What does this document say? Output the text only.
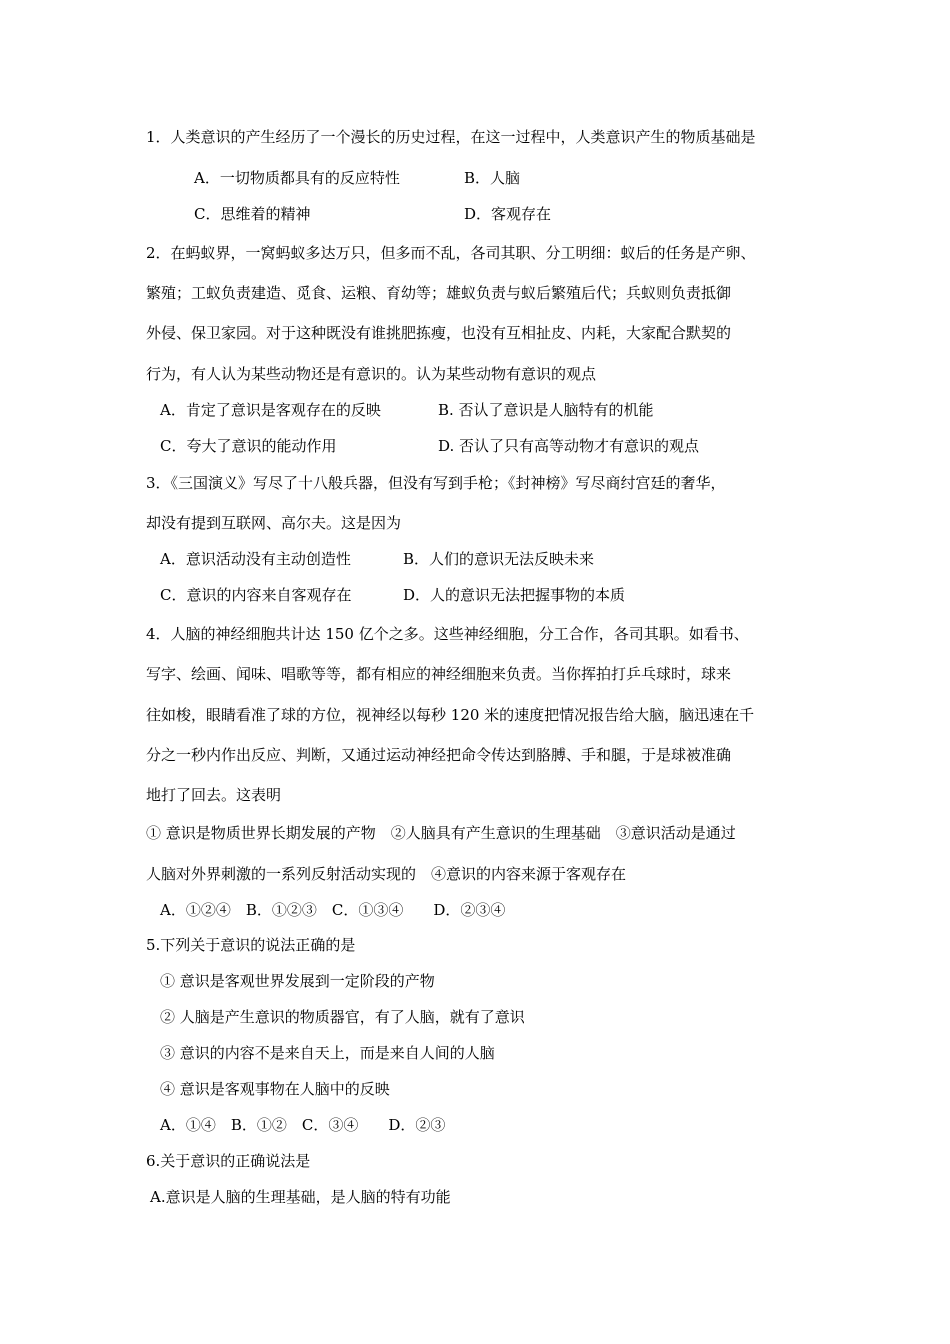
1．人类意识的产生经历了一个漫长的历史过程，在这一过程中，人类意识产生的物质基础是
A．一切物质都具有的反应特性	B．人脑
C．思维着的精神	D．客观存在
2．在蚂蚁界，一窝蚂蚁多达万只，但多而不乱，各司其职、分工明细：蚁后的任务是产卵、
繁殖；工蚁负责建造、觅食、运粮、育幼等；雄蚁负责与蚁后繁殖后代；兵蚁则负责抵御
外侵、保卫家园。对于这种既没有谁挑肥拣瘦，也没有互相扯皮、内耗，大家配合默契的
行为，有人认为某些动物还是有意识的。认为某些动物有意识的观点
A．肯定了意识是客观存在的反映	B. 否认了意识是人脑特有的机能
C．夸大了意识的能动作用	D. 否认了只有高等动物才有意识的观点
3．《三国演义》写尽了十八般兵器，但没有写到手枪；《封神榜》写尽商纣宫廷的奢华，
却没有提到互联网、高尔夫。这是因为
A．意识活动没有主动创造性	B．人们的意识无法反映未来
C．意识的内容来自客观存在	D．人的意识无法把握事物的本质
4．人脑的神经细胞共计达 150 亿个之多。这些神经细胞，分工合作，各司其职。如看书、
写字、绘画、闻味、唱歌等等，都有相应的神经细胞来负责。当你挥拍打乒乓球时，球来
往如梭，眼睛看准了球的方位，视神经以每秒 120 米的速度把情况报告给大脑，脑迅速在千
分之一秒内作出反应、判断，又通过运动神经把命令传达到胳膊、手和腿，于是球被准确
地打了回去。这表明
① 意识是物质世界长期发展的产物　②人脑具有产生意识的生理基础　③意识活动是通过
人脑对外界刺激的一系列反射活动实现的　④意识的内容来源于客观存在
A．①②④　B．①②③　C．①③④　　D．②③④
5.下列关于意识的说法正确的是
① 意识是客观世界发展到一定阶段的产物
② 人脑是产生意识的物质器官，有了人脑，就有了意识
③ 意识的内容不是来自天上，而是来自人间的人脑
④ 意识是客观事物在人脑中的反映
A．①④　B．①②　C．③④　　D．②③
6.关于意识的正确说法是
A.意识是人脑的生理基础，是人脑的特有功能
